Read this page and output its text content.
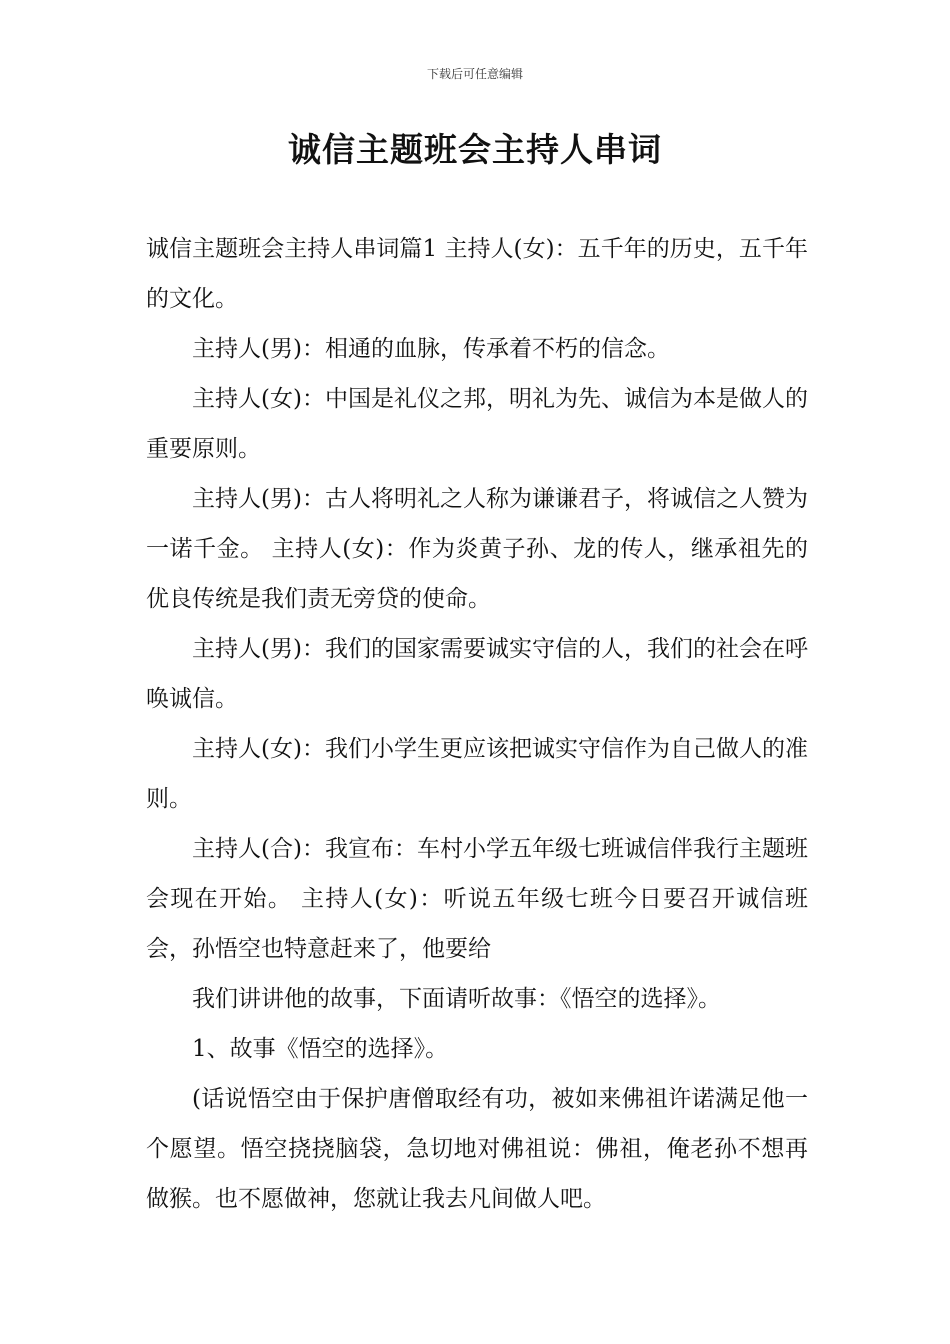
下载后可任意编辑
诚信主题班会主持人串词

诚信主题班会主持人串词篇1 主持人(女)：五千年的历史，五千年的文化。

主持人(男)：相通的血脉，传承着不朽的信念。

主持人(女)：中国是礼仪之邦，明礼为先、诚信为本是做人的重要原则。

主持人(男)：古人将明礼之人称为谦谦君子，将诚信之人赞为一诺千金。 主持人(女)：作为炎黄子孙、龙的传人，继承祖先的优良传统是我们责无旁贷的使命。

主持人(男)：我们的国家需要诚实守信的人，我们的社会在呼唤诚信。

主持人(女)：我们小学生更应该把诚实守信作为自己做人的准则。

主持人(合)：我宣布：车村小学五年级七班诚信伴我行主题班会现在开始。 主持人(女)：听说五年级七班今日要召开诚信班会，孙悟空也特意赶来了，他要给

我们讲讲他的故事，下面请听故事：《悟空的选择》。

1、故事《悟空的选择》。

(话说悟空由于保护唐僧取经有功，被如来佛祖许诺满足他一个愿望。悟空挠挠脑袋，急切地对佛祖说：佛祖，俺老孙不想再做猴。也不愿做神，您就让我去凡间做人吧。
